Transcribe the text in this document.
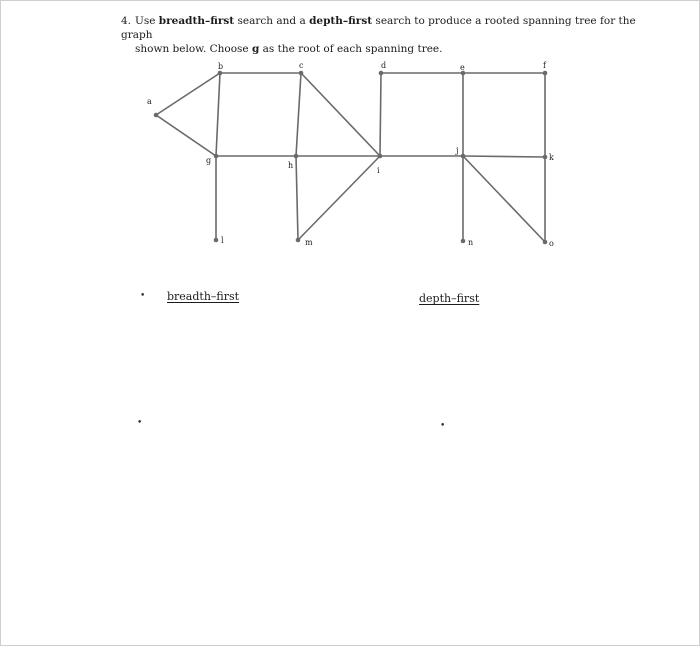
4. Use breadth–first search and a depth–first search to produce a rooted spanning tree for the graph
shown below. Choose g as the root of each spanning tree.
a
b	c	d	e	f
g
h
i
j
k
l	m	n	o
• breadth–first	depth–first
•	•
